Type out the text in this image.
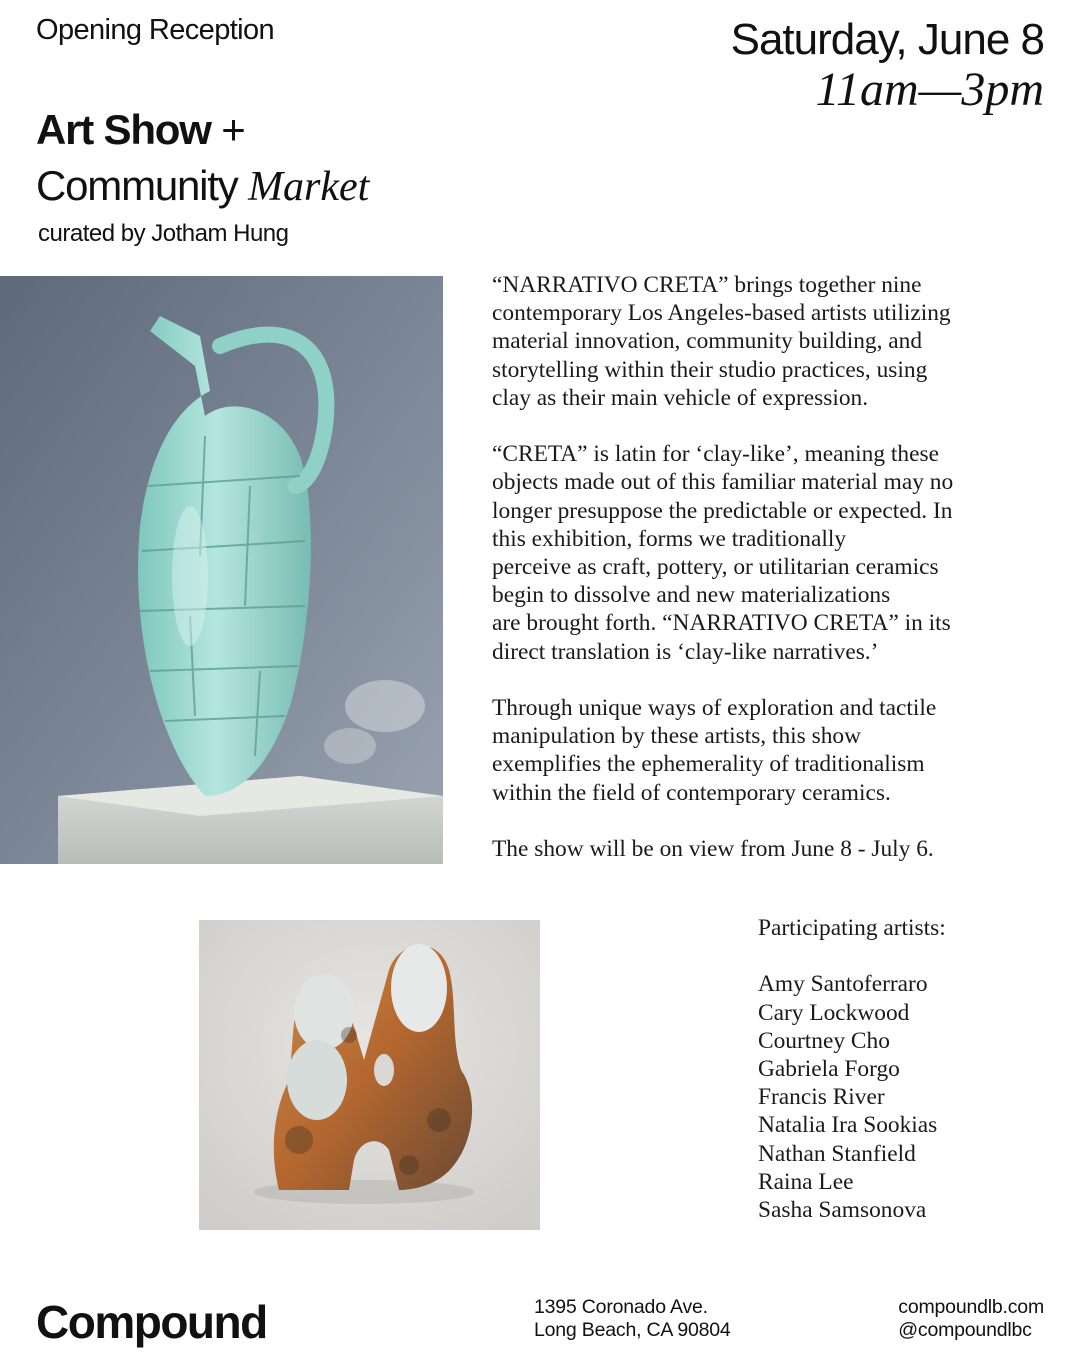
Opening Reception	Saturday, June 8
11am—3pm
Art Show +
Community Market
curated by Jotham Hung

“NARRATIVO CRETA” brings together nine
contemporary Los Angeles-based artists utilizing
material innovation, community building, and
storytelling within their studio practices, using
clay as their main vehicle of expression.

“CRETA” is latin for ‘clay-like’, meaning these
objects made out of this familiar material may no
longer presuppose the predictable or expected. In
this exhibition, forms we traditionally
perceive as craft, pottery, or utilitarian ceramics
begin to dissolve and new materializations
are brought forth. “NARRATIVO CRETA” in its
direct translation is ‘clay-like narratives.’

Through unique ways of exploration and tactile
manipulation by these artists, this show
exemplifies the ephemerality of traditionalism
within the field of contemporary ceramics.

The show will be on view from June 8 - July 6.

Participating artists:
Amy Santoferraro
Cary Lockwood
Courtney Cho
Gabriela Forgo
Francis River
Natalia Ira Sookias
Nathan Stanfield
Raina Lee
Sasha Samsonova
Compound	1395 Coronado Ave.
Long Beach, CA 90804
compoundlb.com
@compoundlbc
